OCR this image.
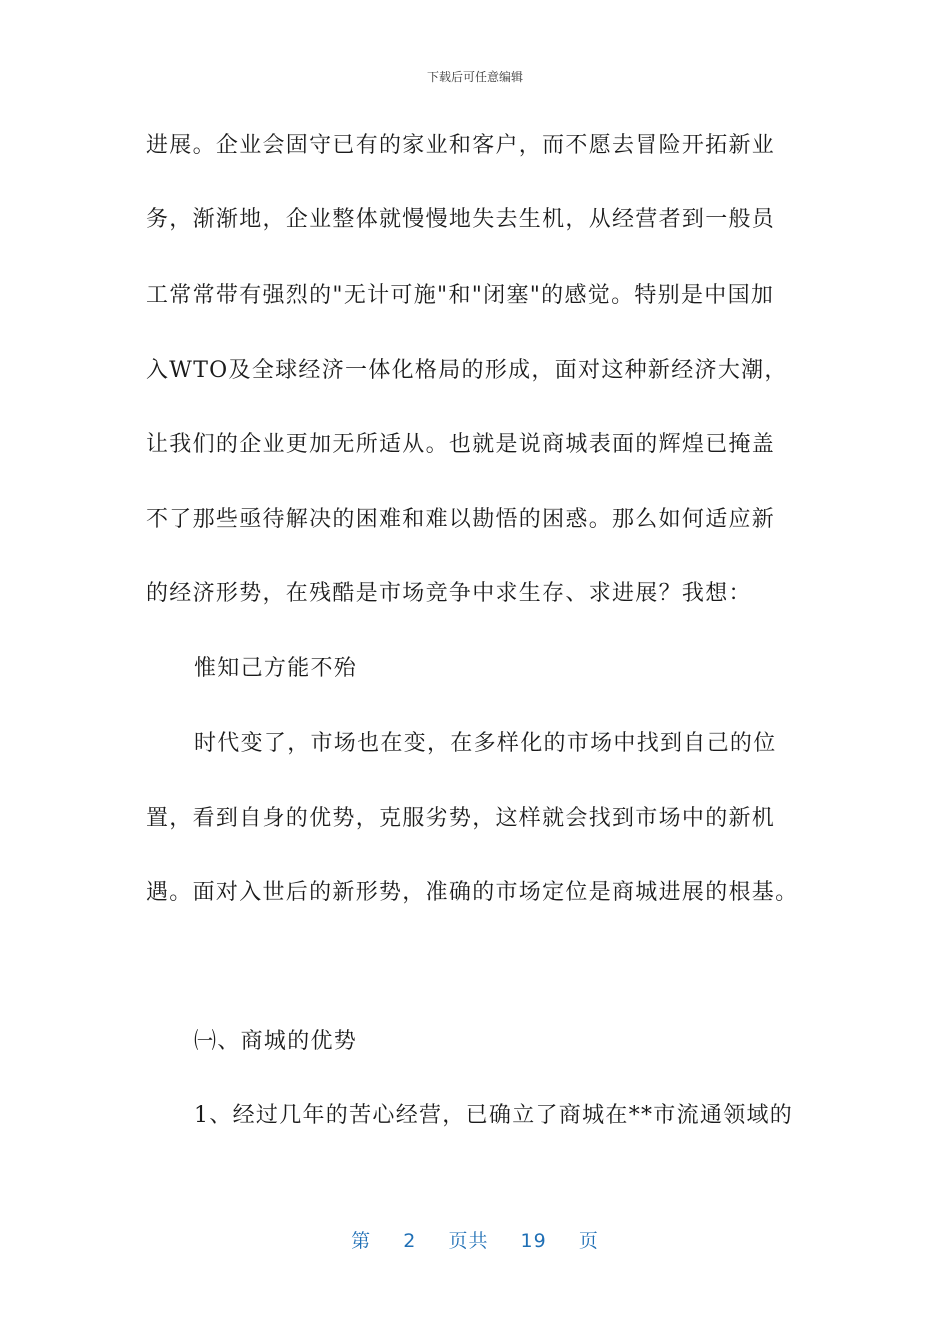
下载后可任意编辑
进展。企业会固守已有的家业和客户，而不愿去冒险开拓新业
务，渐渐地，企业整体就慢慢地失去生机，从经营者到一般员
工常常带有强烈的"无计可施"和"闭塞"的感觉。特别是中国加
入WTO及全球经济一体化格局的形成，面对这种新经济大潮，
让我们的企业更加无所适从。也就是说商城表面的辉煌已掩盖
不了那些亟待解决的困难和难以勘悟的困惑。那么如何适应新
的经济形势，在残酷是市场竞争中求生存、求进展？我想：
惟知己方能不殆
时代变了，市场也在变，在多样化的市场中找到自己的位
置，看到自身的优势，克服劣势，这样就会找到市场中的新机
遇。面对入世后的新形势，准确的市场定位是商城进展的根基。
㈠、商城的优势
1、经过几年的苦心经营，已确立了商城在**市流通领域的
第 2 页共 19 页
